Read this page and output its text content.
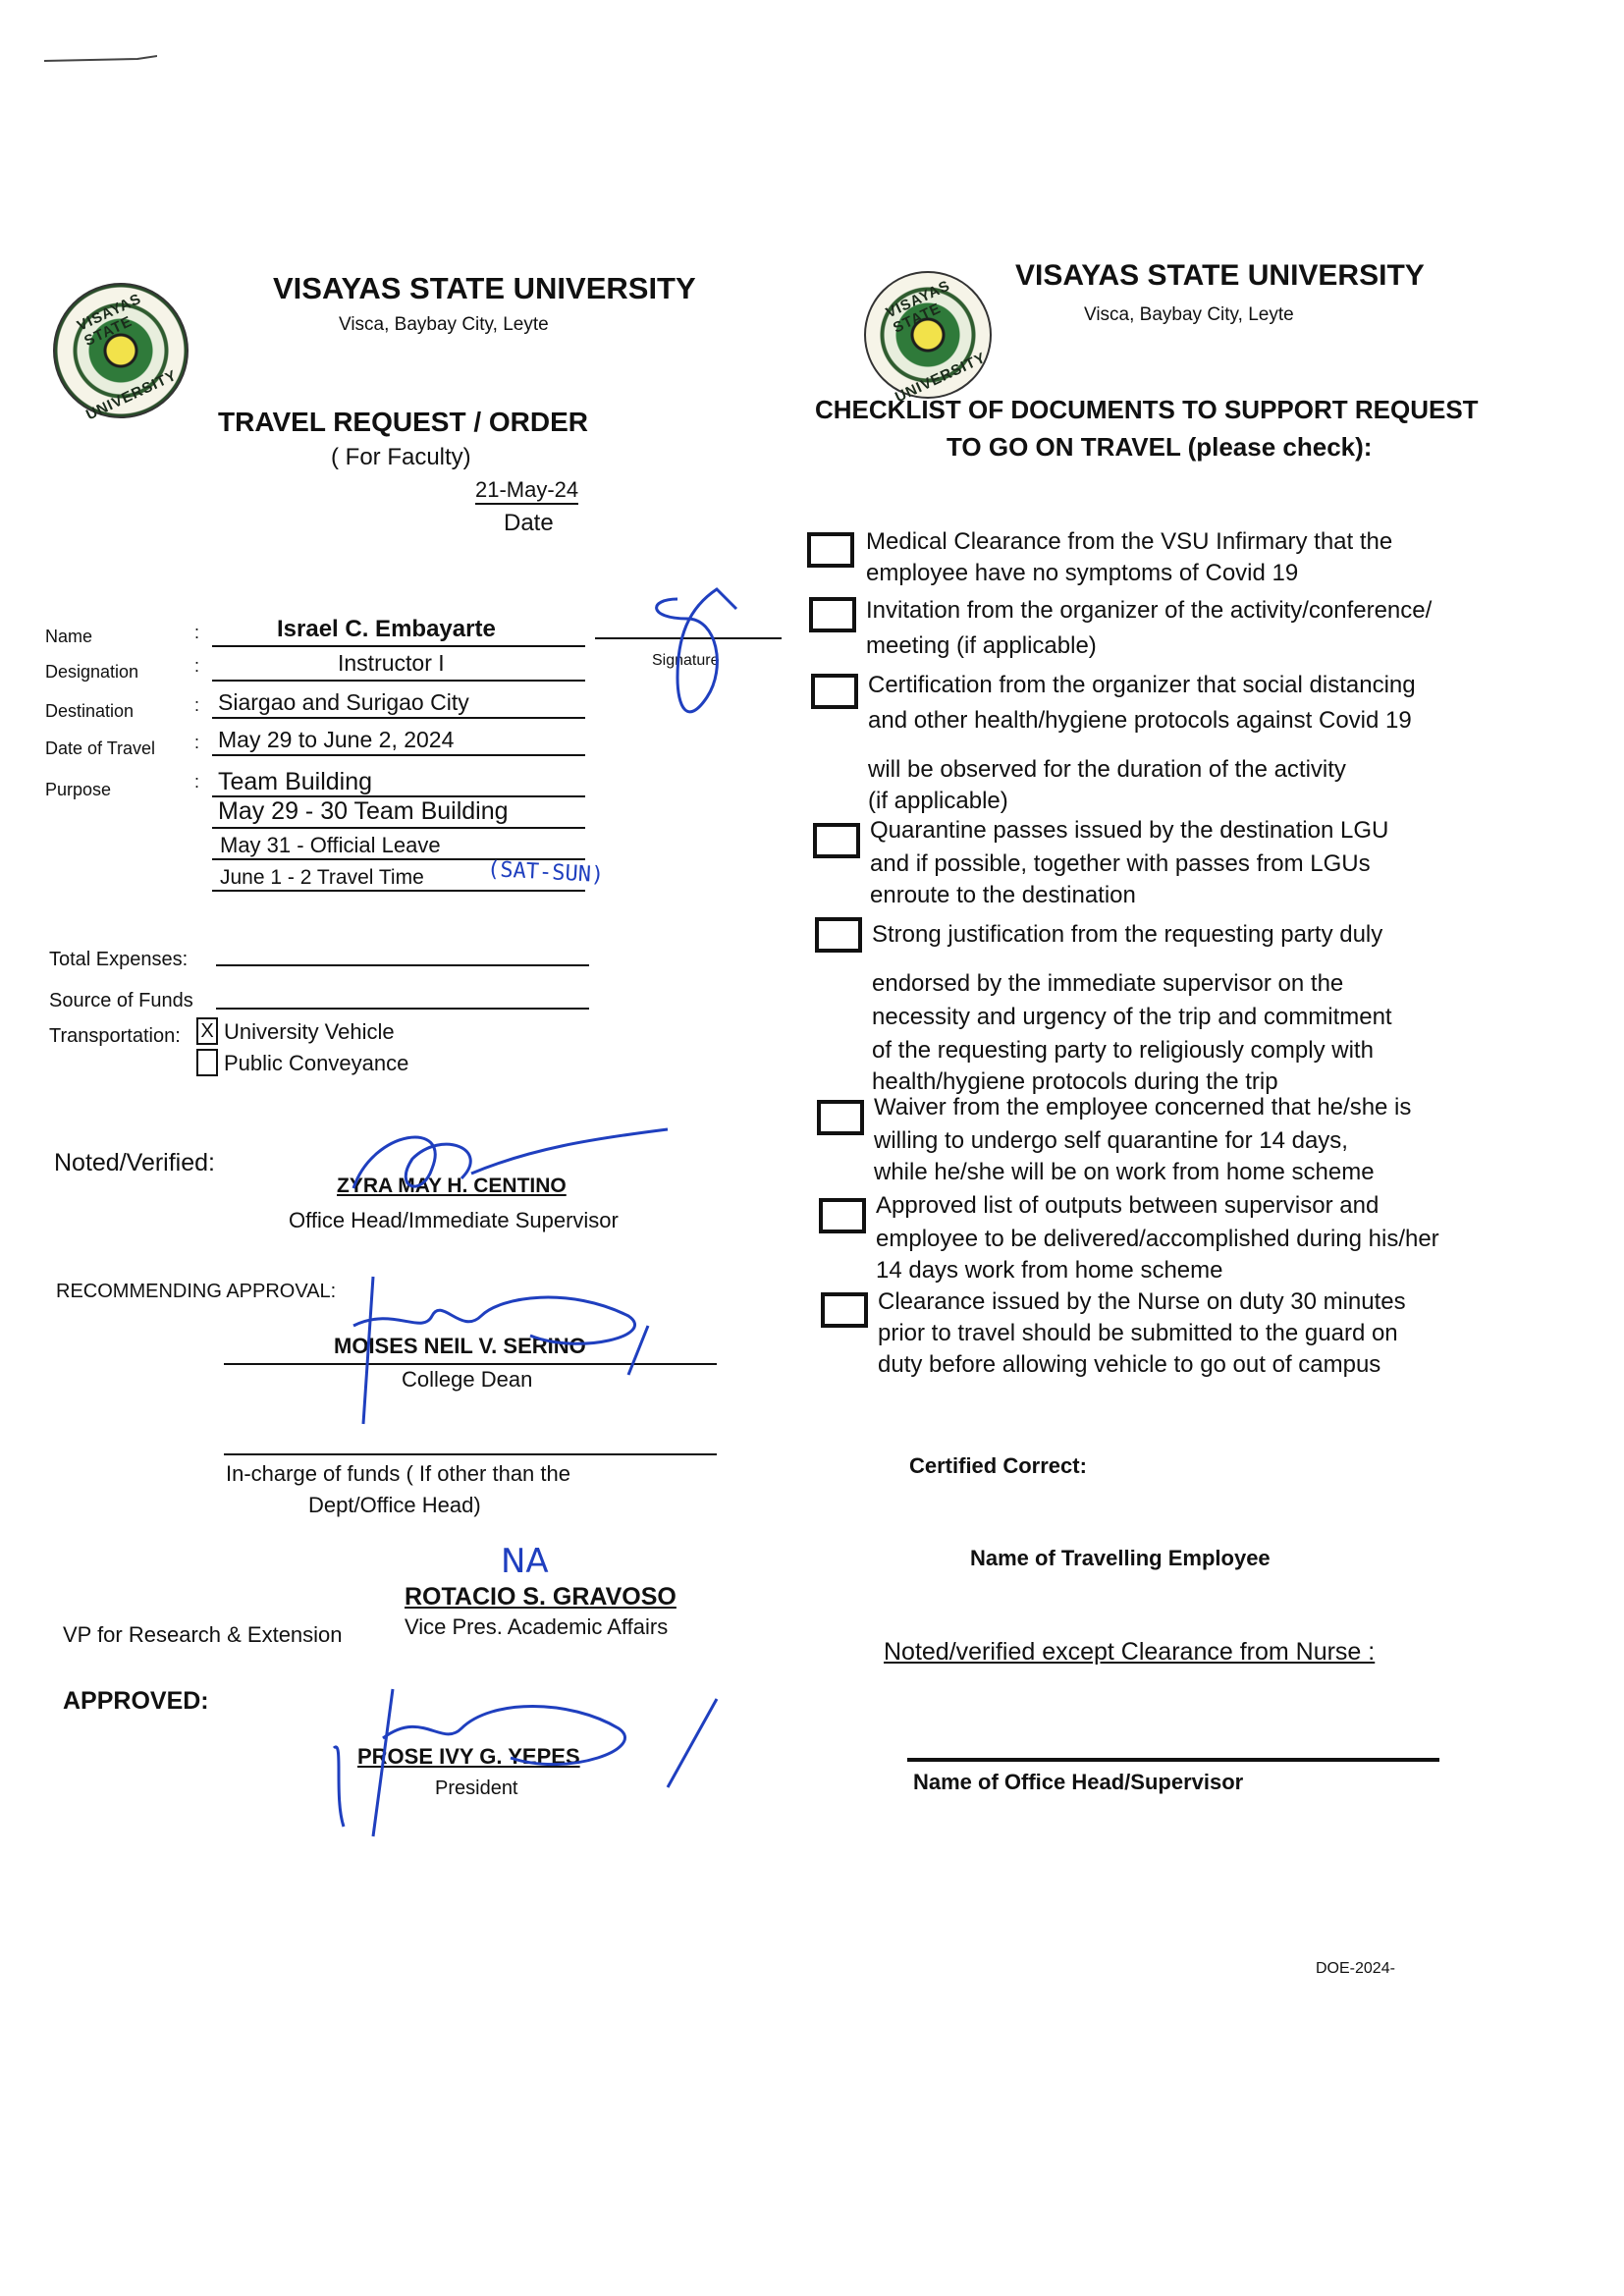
VISAYAS STATE
UNIVERSITY
VISAYAS STATE UNIVERSITY
Visca, Baybay City, Leyte
TRAVEL REQUEST / ORDER
( For Faculty)
21-May-24
Date
Name	:	Israel C. Embayarte
Signature
Designation	:	Instructor I
Destination	: Siargao and Surigao City
Date of Travel : May 29 to June 2, 2024
Purpose	: Team Building
May 29 - 30 Team Building
May 31 - Official Leave
June 1 - 2 Travel Time	(SAT-SUN)
Total Expenses:
Source of Funds
Transportation: X University Vehicle
Public Conveyance
Noted/Verified:
ZYRA MAY H. CENTINO
Office Head/Immediate Supervisor
RECOMMENDING APPROVAL:
MOISES NEIL V. SERINO
College Dean
In-charge of funds ( If other than the
Dept/Office Head)
NA
ROTACIO S. GRAVOSO
Vice Pres. Academic Affairs
VP for Research & Extension
APPROVED:
PROSE IVY G. YEPES
President
VISAYAS STATE
UNIVERSITY
VISAYAS STATE UNIVERSITY
Visca, Baybay City, Leyte
CHECKLIST OF DOCUMENTS TO SUPPORT REQUEST
TO GO ON TRAVEL (please check):
Medical Clearance from the VSU Infirmary that the
employee have no symptoms of Covid 19
Invitation from the organizer of the activity/conference/
meeting (if applicable)
Certification from the organizer that social distancing
and other health/hygiene protocols against Covid 19
will be observed for the duration of the activity
(if applicable)
Quarantine passes issued by the destination LGU
and if possible, together with passes from LGUs
enroute to the destination
Strong justification from the requesting party duly
endorsed by the immediate supervisor on the
necessity and urgency of the trip and commitment
of the requesting party to religiously comply with
health/hygiene protocols during the trip
Waiver from the employee concerned that he/she is
willing to undergo self quarantine for 14 days,
while he/she will be on work from home scheme
Approved list of outputs between supervisor and
employee to be delivered/accomplished during his/her
14 days work from home scheme
Clearance issued by the Nurse on duty 30 minutes
prior to travel should be submitted to the guard on
duty before allowing vehicle to go out of campus
Certified Correct:
Name of Travelling Employee
Noted/verified except Clearance from Nurse :
Name of Office Head/Supervisor
DOE-2024-
